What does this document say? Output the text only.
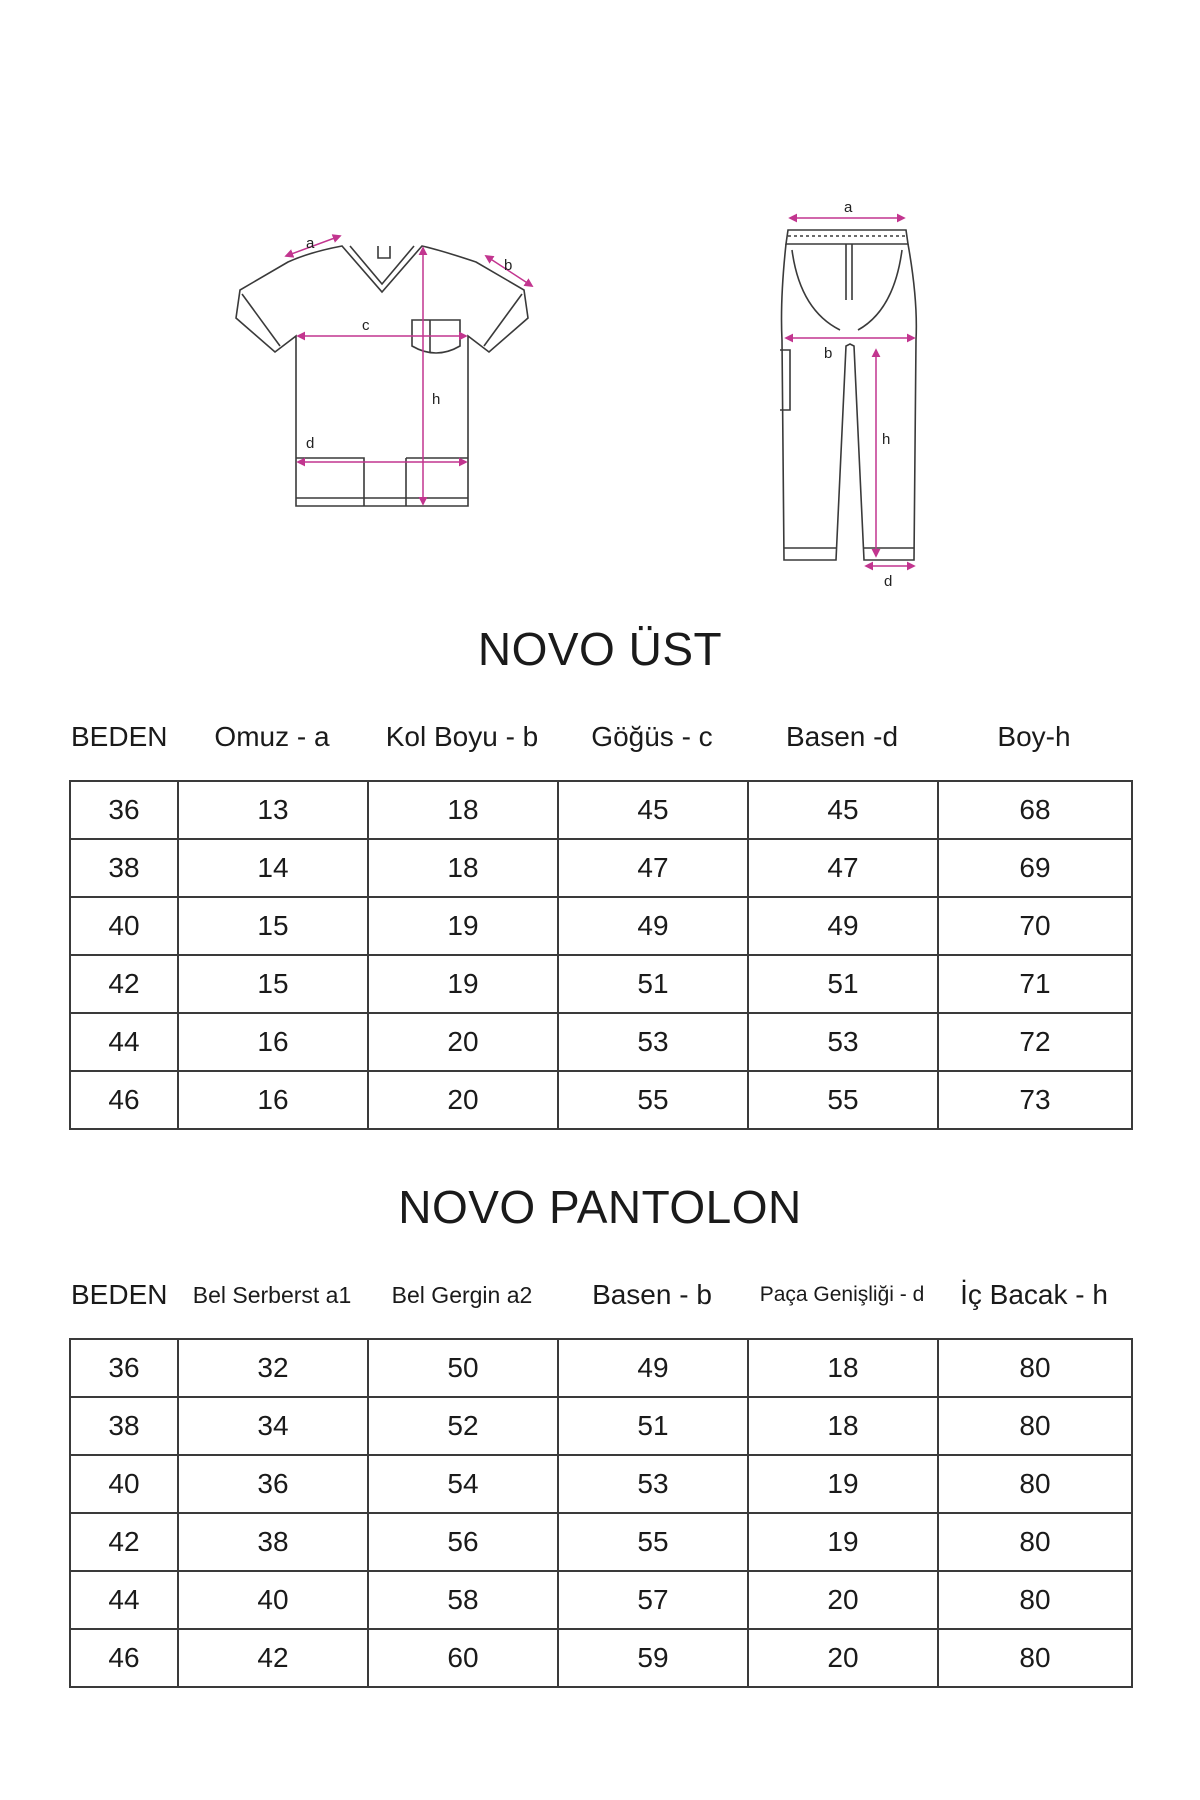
a
b
c
h
d
a
b
h
d
NOVO ÜST
BEDEN	Omuz - a	Kol Boyu - b	Göğüs - c	Basen -d	Boy-h
36	13	18	45	45	68
38	14	18	47	47	69
40	15	19	49	49	70
42	15	19	51	51	71
44	16	20	53	53	72
46	16	20	55	55	73
NOVO PANTOLON
BEDEN	Bel Serberst a1	Bel Gergin a2	Basen - b	Paça Genişliği - d	İç Bacak - h
36	32	50	49	18	80
38	34	52	51	18	80
40	36	54	53	19	80
42	38	56	55	19	80
44	40	58	57	20	80
46	42	60	59	20	80
